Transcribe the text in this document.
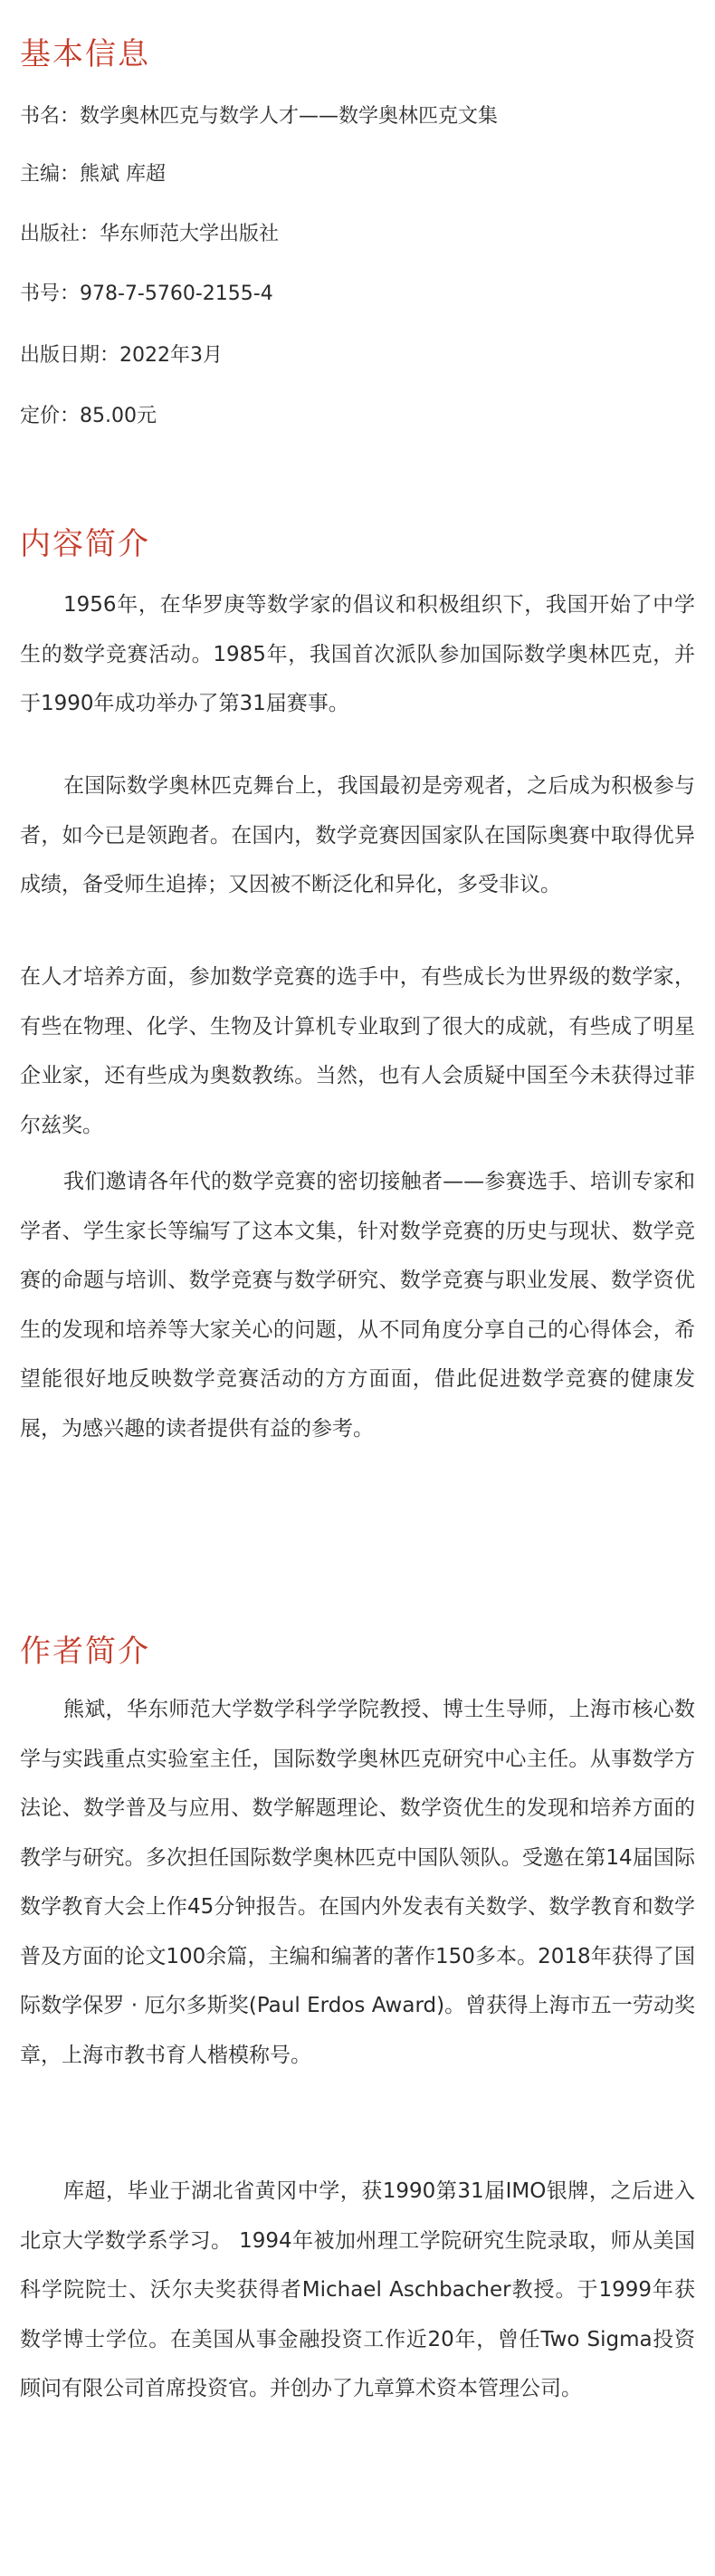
基本信息

书名：数学奥林匹克与数学人才——数学奥林匹克文集

主编：熊斌 库超

出版社：华东师范大学出版社

书号：978-7-5760-2155-4

出版日期：2022年3月

定价：85.00元

内容简介

1956年，在华罗庚等数学家的倡议和积极组织下，我国开始了中学生的数学竞赛活动。1985年，我国首次派队参加国际数学奥林匹克，并于1990年成功举办了第31届赛事。

在国际数学奥林匹克舞台上，我国最初是旁观者，之后成为积极参与者，如今已是领跑者。在国内，数学竞赛因国家队在国际奥赛中取得优异成绩，备受师生追捧；又因被不断泛化和异化，多受非议。

在人才培养方面，参加数学竞赛的选手中，有些成长为世界级的数学家，有些在物理、化学、生物及计算机专业取到了很大的成就，有些成了明星企业家，还有些成为奥数教练。当然，也有人会质疑中国至今未获得过菲尔兹奖。

我们邀请各年代的数学竞赛的密切接触者——参赛选手、培训专家和学者、学生家长等编写了这本文集，针对数学竞赛的历史与现状、数学竞赛的命题与培训、数学竞赛与数学研究、数学竞赛与职业发展、数学资优生的发现和培养等大家关心的问题，从不同角度分享自己的心得体会，希望能很好地反映数学竞赛活动的方方面面，借此促进数学竞赛的健康发展，为感兴趣的读者提供有益的参考。

作者简介

熊斌，华东师范大学数学科学学院教授、博士生导师，上海市核心数学与实践重点实验室主任，国际数学奥林匹克研究中心主任。从事数学方法论、数学普及与应用、数学解题理论、数学资优生的发现和培养方面的教学与研究。多次担任国际数学奥林匹克中国队领队。受邀在第14届国际数学教育大会上作45分钟报告。在国内外发表有关数学、数学教育和数学普及方面的论文100余篇，主编和编著的著作150多本。2018年获得了国际数学保罗 · 厄尔多斯奖(Paul Erdos Award)。曾获得上海市五一劳动奖章，上海市教书育人楷模称号。

库超，毕业于湖北省黄冈中学，获1990第31届IMO银牌，之后进入北京大学数学系学习。 1994年被加州理工学院研究生院录取，师从美国科学院院士、沃尔夫奖获得者Michael Aschbacher教授。于1999年获数学博士学位。在美国从事金融投资工作近20年，曾任Two Sigma投资顾问有限公司首席投资官。并创办了九章算术资本管理公司。
